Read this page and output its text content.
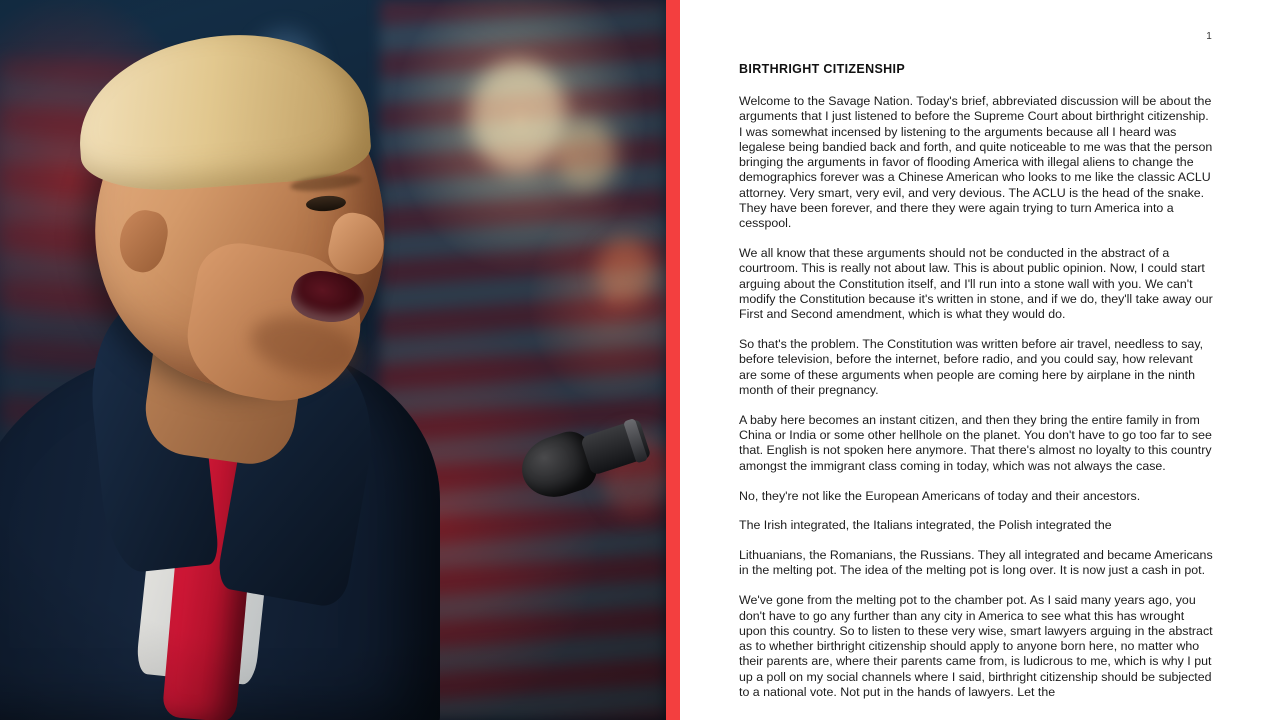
1
BIRTHRIGHT CITIZENSHIP

Welcome to the Savage Nation. Today's brief, abbreviated discussion will be about the arguments that I just listened to before the Supreme Court about birthright citizenship. I was somewhat incensed by listening to the arguments because all I heard was legalese being bandied back and forth, and quite noticeable to me was that the person bringing the arguments in favor of flooding America with illegal aliens to change the demographics forever was a Chinese American who looks to me like the classic ACLU attorney. Very smart, very evil, and very devious. The ACLU is the head of the snake. They have been forever, and there they were again trying to turn America into a cesspool.

We all know that these arguments should not be conducted in the abstract of a courtroom. This is really not about law. This is about public opinion. Now, I could start arguing about the Constitution itself, and I'll run into a stone wall with you. We can't modify the Constitution because it's written in stone, and if we do, they'll take away our First and Second amendment, which is what they would do.

So that's the problem. The Constitution was written before air travel, needless to say, before television, before the internet, before radio, and you could say, how relevant are some of these arguments when people are coming here by airplane in the ninth month of their pregnancy.

A baby here becomes an instant citizen, and then they bring the entire family in from China or India or some other hellhole on the planet. You don't have to go too far to see that. English is not spoken here anymore. That there's almost no loyalty to this country amongst the immigrant class coming in today, which was not always the case.

No, they're not like the European Americans of today and their ancestors.

The Irish integrated, the Italians integrated, the Polish integrated the

Lithuanians, the Romanians, the Russians. They all integrated and became Americans in the melting pot. The idea of the melting pot is long over. It is now just a cash in pot.

We've gone from the melting pot to the chamber pot. As I said many years ago, you don't have to go any further than any city in America to see what this has wrought upon this country. So to listen to these very wise, smart lawyers arguing in the abstract as to whether birthright citizenship should apply to anyone born here, no matter who their parents are, where their parents came from, is ludicrous to me, which is why I put up a poll on my social channels where I said, birthright citizenship should be subjected to a national vote. Not put in the hands of lawyers. Let the
